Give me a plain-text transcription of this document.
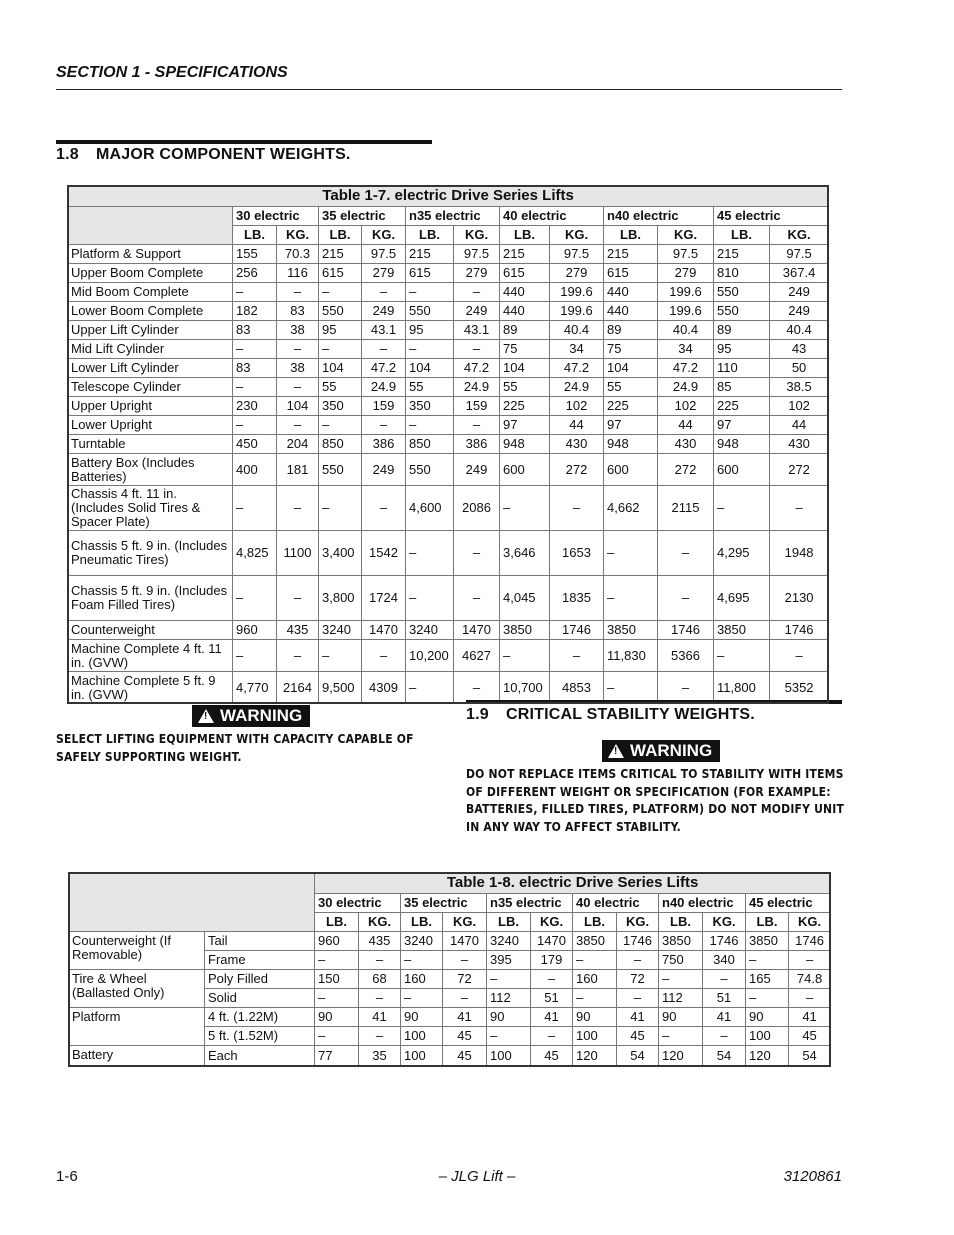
SECTION 1 - SPECIFICATIONS
1.8 MAJOR COMPONENT WEIGHTS.
Table 1-7. electric Drive Series Lifts												
	30 electric		35 electric		n35 electric		40 electric		n40 electric		45 electric	
	LB.	KG.	LB.	KG.	LB.	KG.	LB.	KG.	LB.	KG.	LB.	KG.
Platform & Support	155	70.3	215	97.5	215	97.5	215	97.5	215	97.5	215	97.5
Upper Boom Complete	256	116	615	279	615	279	615	279	615	279	810	367.4
Mid Boom Complete	–	–	–	–	–	–	440	199.6	440	199.6	550	249
Lower Boom Complete	182	83	550	249	550	249	440	199.6	440	199.6	550	249
Upper Lift Cylinder	83	38	95	43.1	95	43.1	89	40.4	89	40.4	89	40.4
Mid Lift Cylinder	–	–	–	–	–	–	75	34	75	34	95	43
Lower Lift Cylinder	83	38	104	47.2	104	47.2	104	47.2	104	47.2	110	50
Telescope Cylinder	–	–	55	24.9	55	24.9	55	24.9	55	24.9	85	38.5
Upper Upright	230	104	350	159	350	159	225	102	225	102	225	102
Lower Upright	–	–	–	–	–	–	97	44	97	44	97	44
Turntable	450	204	850	386	850	386	948	430	948	430	948	430
Battery Box (Includes Batteries)	400	181	550	249	550	249	600	272	600	272	600	272
Chassis 4 ft. 11 in. (Includes Solid Tires & Spacer Plate)	–	–	–	–	4,600	2086	–	–	4,662	2115	–	–
Chassis 5 ft. 9 in. (Includes Pneumatic Tires)	4,825	1100	3,400	1542	–	–	3,646	1653	–	–	4,295	1948
Chassis 5 ft. 9 in. (Includes Foam Filled Tires)	–	–	3,800	1724	–	–	4,045	1835	–	–	4,695	2130
Counterweight	960	435	3240	1470	3240	1470	3850	1746	3850	1746	3850	1746
Machine Complete 4 ft. 11 in. (GVW)	–	–	–	–	10,200	4627	–	–	11,830	5366	–	–
Machine Complete 5 ft. 9 in. (GVW)	4,770	2164	9,500	4309	–	–	10,700	4853	–	–	11,800	5352
! WARNING
SELECT LIFTING EQUIPMENT WITH CAPACITY CAPABLE OF SAFELY SUPPORTING WEIGHT.
1.9 CRITICAL STABILITY WEIGHTS.
! WARNING
DO NOT REPLACE ITEMS CRITICAL TO STABILITY WITH ITEMS OF DIFFERENT WEIGHT OR SPECIFICATION (FOR EXAMPLE: BATTERIES, FILLED TIRES, PLATFORM) DO NOT MODIFY UNIT IN ANY WAY TO AFFECT STABILITY.
		Table 1-8. electric Drive Series Lifts											
		30 electric		35 electric		n35 electric		40 electric		n40 electric		45 electric	
		LB.	KG.	LB.	KG.	LB.	KG.	LB.	KG.	LB.	KG.	LB.	KG.
Counterweight (If Removable)	Tail	960	435	3240	1470	3240	1470	3850	1746	3850	1746	3850	1746
	Frame	–	–	–	–	395	179	–	–	750	340	–	–
Tire & Wheel (Ballasted Only)	Poly Filled	150	68	160	72	–	–	160	72	–	–	165	74.8
	Solid	–	–	–	–	112	51	–	–	112	51	–	–
Platform	4 ft. (1.22M)	90	41	90	41	90	41	90	41	90	41	90	41
	5 ft. (1.52M)	–	–	100	45	–	–	100	45	–	–	100	45
Battery	Each	77	35	100	45	100	45	120	54	120	54	120	54
1-6	– JLG Lift –	3120861
